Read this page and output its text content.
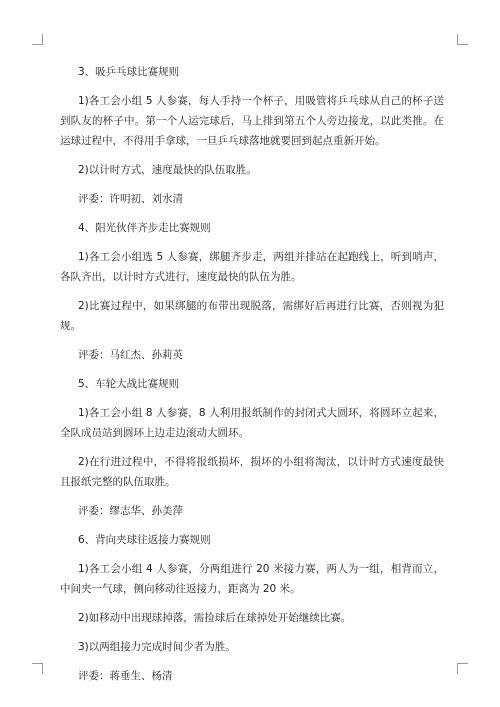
3、吸乒乓球比赛规则
1)各工会小组 5 人参赛，每人手持一个杯子，用吸管将乒乓球从自己的杯子送到队友的杯子中。第一个人运完球后，马上排到第五个人旁边接龙，以此类推。在运球过程中，不得用手拿球，一旦乒乓球落地就要回到起点重新开始。
2)以计时方式，速度最快的队伍取胜。
评委：许明初、刘水清
4、阳光伙伴齐步走比赛规则
1)各工会小组选 5 人参赛，绑腿齐步走，两组并排站在起跑线上，听到哨声，各队齐出，以计时方式进行，速度最快的队伍为胜。
2)比赛过程中，如果绑腿的布带出现脱落，需绑好后再进行比赛，否则视为犯规。
评委：马红杰、孙莉英
5、车轮大战比赛规则
1)各工会小组 8 人参赛，8 人利用报纸制作的封闭式大圆环，将圆环立起来，全队成员站到圆环上边走边滚动大圆环。
2)在行进过程中，不得将报纸损坏，损坏的小组将淘汰，以计时方式速度最快且报纸完整的队伍取胜。
评委：缪志华、孙美萍
6、背向夹球往返接力赛规则
1)各工会小组 4 人参赛，分两组进行 20 米接力赛，两人为一组，相背而立，中间夹一气球，侧向移动往返接力，距离为 20 米。
2)如移动中出现球掉落，需捡球后在球掉处开始继续比赛。
3)以两组接力完成时间少者为胜。
评委：蒋垂生、杨清
